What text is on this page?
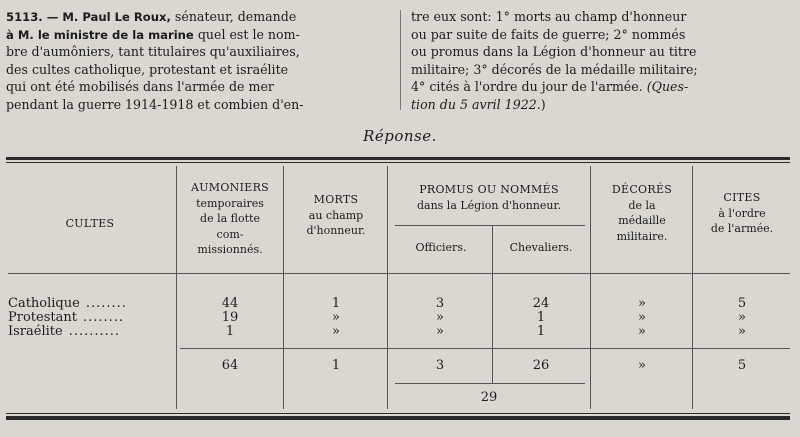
5113. — M. Paul Le Roux, sénateur, demande
à M. le ministre de la marine quel est le nom-
bre d'aumôniers, tant titulaires qu'auxiliaires,
des cultes catholique, protestant et israélite
qui ont été mobilisés dans l'armée de mer
pendant la guerre 1914-1918 et combien d'en-
tre eux sont: 1° morts au champ d'honneur
ou par suite de faits de guerre; 2° nommés
ou promus dans la Légion d'honneur au titre
militaire; 3° décorés de la médaille militaire;
4° cités à l'ordre du jour de l'armée. (Ques-
tion du 5 avril 1922.)
Réponse.
CULTES
AUMONIERS
temporaires
de la flotte
com-
missionnés.
MORTS
au champ
d'honneur.
PROMUS OU NOMMÉS
dans la Légion d'honneur.
Officiers.	Chevaliers.
DÉCORÉS
de la
médaille
militaire.
CITES
à l'ordre
de l'armée.
Catholique ........	44	1	3	24	»	5
Protestant ........	19	»	»	1	»	»
Israélite ..........	1	»	»	1	»	»
64	1	3	26	»	5
29
